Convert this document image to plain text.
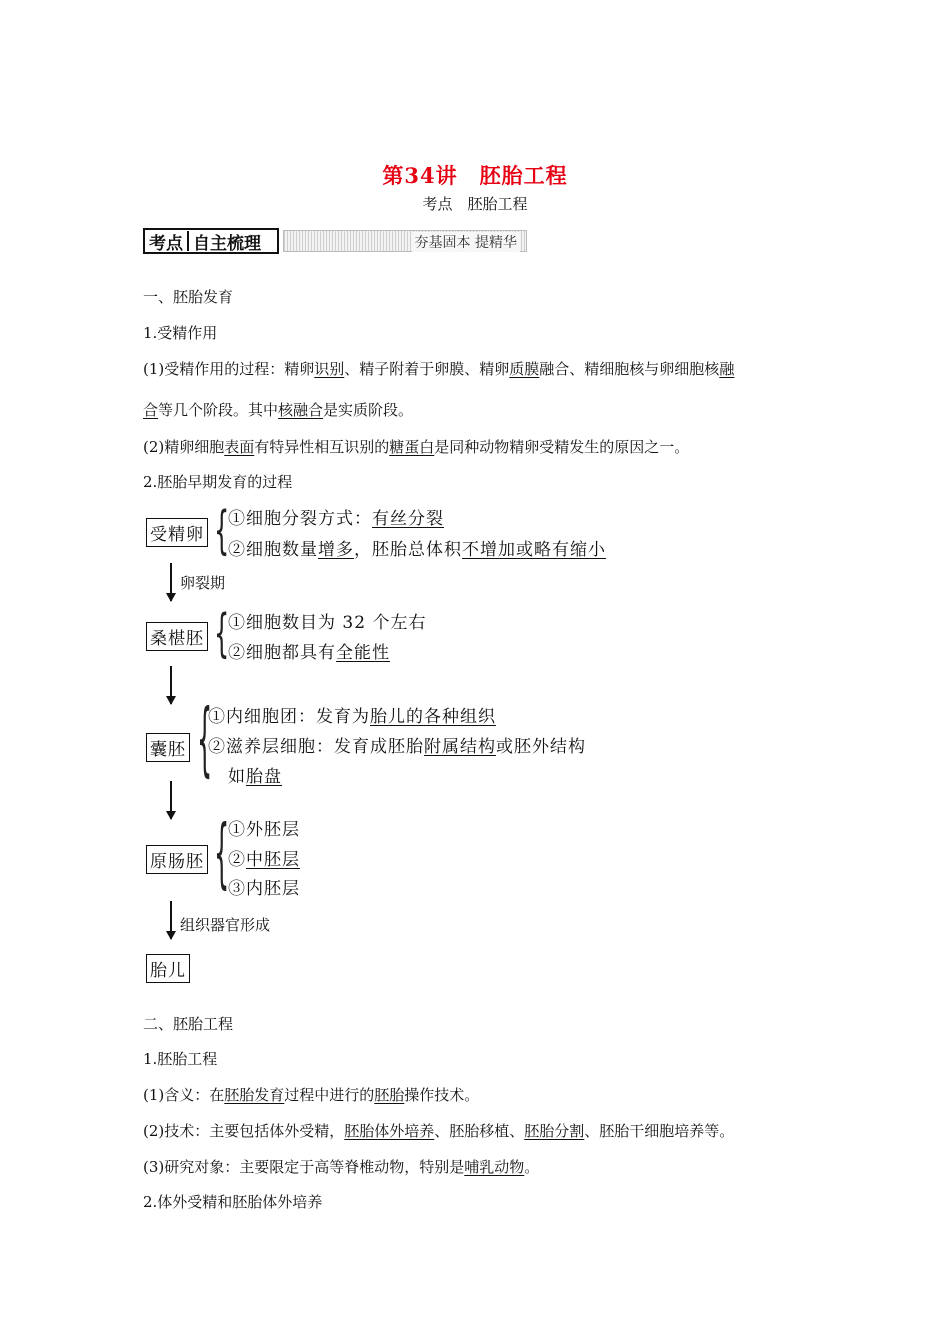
第34讲　胚胎工程
考点　胚胎工程
考点 自主梳理	夯基固本 提精华
一、胚胎发育
1.受精作用
(1)受精作用的过程：精卵识别、精子附着于卵膜、精卵质膜融合、精细胞核与卵细胞核融
合等几个阶段。其中核融合是实质阶段。
(2)精卵细胞表面有特异性相互识别的糖蛋白是同种动物精卵受精发生的原因之一。
2.胚胎早期发育的过程
受精卵 {
①细胞分裂方式：有丝分裂
②细胞数量增多，胚胎总体积不增加或略有缩小
卵裂期
桑椹胚 {
①细胞数目为 32 个左右
②细胞都具有全能性
囊胚 {
①内细胞团：发育为胎儿的各种组织
②滋养层细胞：发育成胚胎附属结构或胚外结构
如胎盘
原肠胚 {
①外胚层
②中胚层
③内胚层
组织器官形成
胎儿
二、胚胎工程
1.胚胎工程
(1)含义：在胚胎发育过程中进行的胚胎操作技术。
(2)技术：主要包括体外受精，胚胎体外培养、胚胎移植、胚胎分割、胚胎干细胞培养等。
(3)研究对象：主要限定于高等脊椎动物，特别是哺乳动物。
2.体外受精和胚胎体外培养
